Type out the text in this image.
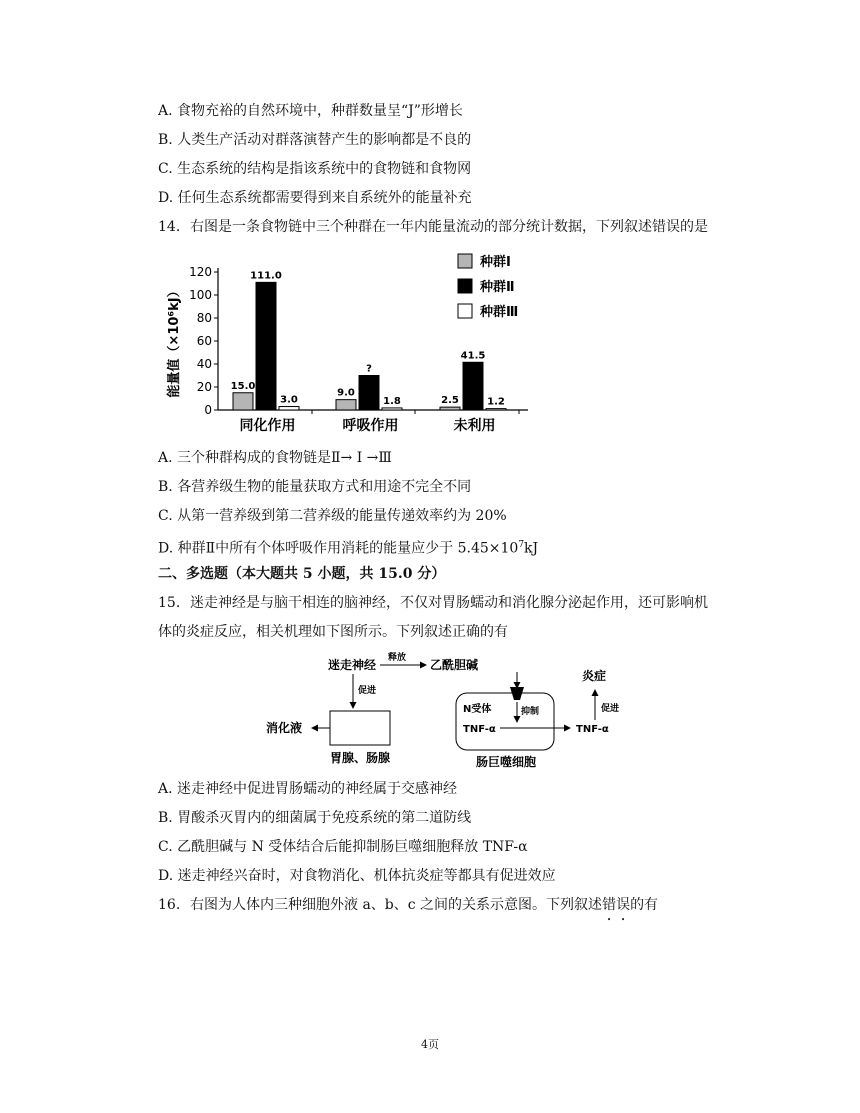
A. 食物充裕的自然环境中，种群数量呈“J”形增长
B. 人类生产活动对群落演替产生的影响都是不良的
C. 生态系统的结构是指该系统中的食物链和食物网
D. 任何生态系统都需要得到来自系统外的能量补充
14. 右图是一条食物链中三个种群在一年内能量流动的部分统计数据，下列叙述错误的是
0
20
40
60
80
100
120
能量值（×10⁶kJ）	15.0
111.0
3.0
同化作用
9.0
?
1.8
呼吸作用
2.5
41.5
1.2
未利用
种群Ⅰ
种群Ⅱ
种群Ⅲ
A. 三个种群构成的食物链是Ⅱ→ Ⅰ →Ⅲ
B. 各营养级生物的能量获取方式和用途不完全不同
C. 从第一营养级到第二营养级的能量传递效率约为 20%
D. 种群Ⅱ中所有个体呼吸作用消耗的能量应少于 $5.45\times 10^7kJ$
二、多选题（本大题共 5 小题，共 15.0 分）
15. 迷走神经是与脑干相连的脑神经，不仅对胃肠蠕动和消化腺分泌起作用，还可影响机
体的炎症反应，相关机理如下图所示。下列叙述正确的有
迷走神经 释放 乙酰胆碱
促进
消化液
胃腺、肠腺
N受体	抑制
TNF-α	TNF-α
促进
炎症
肠巨噬细胞
A. 迷走神经中促进胃肠蠕动的神经属于交感神经
B. 胃酸杀灭胃内的细菌属于免疫系统的第二道防线
C. 乙酰胆碱与 N 受体结合后能抑制肠巨噬细胞释放 TNF-α
D. 迷走神经兴奋时，对食物消化、机体抗炎症等都具有促进效应
16. 右图为人体内三种细胞外液 a、b、c 之间的关系示意图。下列叙述错误的有
4页
